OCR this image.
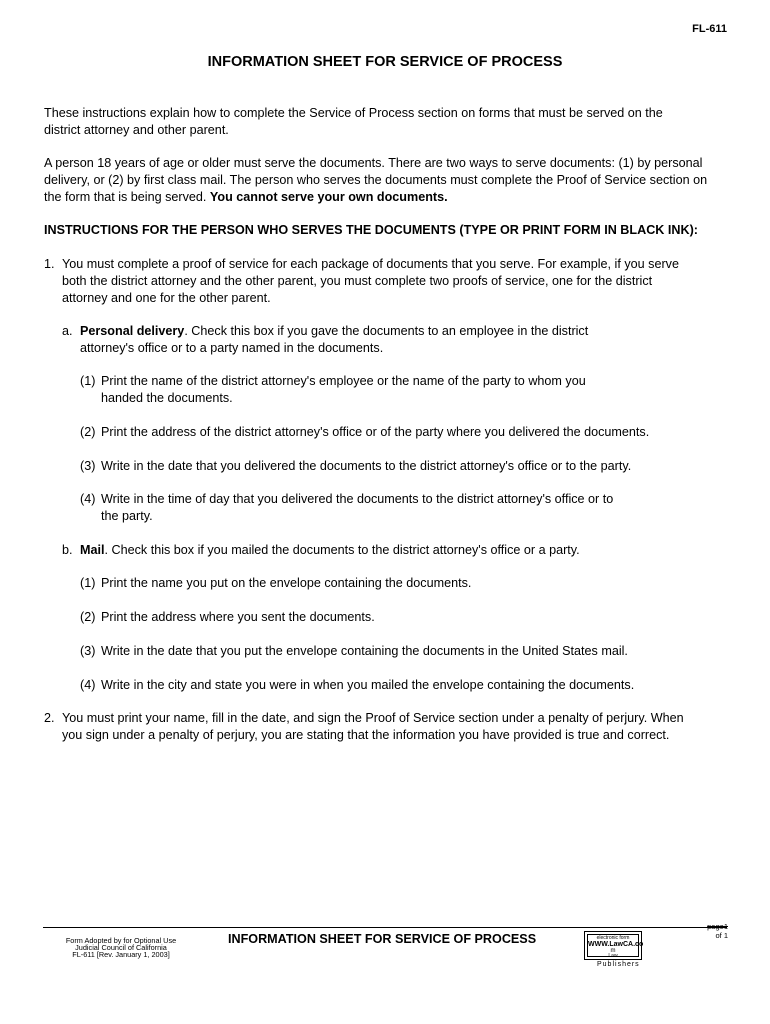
FL-611
INFORMATION SHEET FOR SERVICE OF PROCESS
These instructions explain how to complete the Service of Process section on forms that must be served on the
district attorney and other parent.
A person 18 years of age or older must serve the documents. There are two ways to serve documents: (1) by personal
delivery, or (2) by first class mail. The person who serves the documents must complete the Proof of Service section on
the form that is being served. You cannot serve your own documents.
INSTRUCTIONS FOR THE PERSON WHO SERVES THE DOCUMENTS (TYPE OR PRINT FORM IN BLACK INK):
1. You must complete a proof of service for each package of documents that you serve. For example, if you serve
both the district attorney and the other parent, you must complete two proofs of service, one for the district
attorney and one for the other parent.
a. Personal delivery. Check this box if you gave the documents to an employee in the district
attorney's office or to a party named in the documents.
(1) Print the name of the district attorney's employee or the name of the party to whom you
handed the documents.
(2) Print the address of the district attorney's office or of the party where you delivered the documents.
(3) Write in the date that you delivered the documents to the district attorney's office or to the party.
(4) Write in the time of day that you delivered the documents to the district attorney's office or to
the party.
b. Mail. Check this box if you mailed the documents to the district attorney's office or a party.
(1) Print the name you put on the envelope containing the documents.
(2) Print the address where you sent the documents.
(3) Write in the date that you put the envelope containing the documents in the United States mail.
(4) Write in the city and state you were in when you mailed the envelope containing the documents.
2. You must print your name, fill in the date, and sign the Proof of Service section under a penalty of perjury. When
you sign under a penalty of perjury, you are stating that the information you have provided is true and correct.
Form Adopted by for Optional Use
Judicial Council of California
FL-611 [Rev. January 1, 2003]
INFORMATION SHEET FOR SERVICE OF PROCESS	electronic form
WWW.LawCA.co
m
Law
Publishers
page1
of 1
